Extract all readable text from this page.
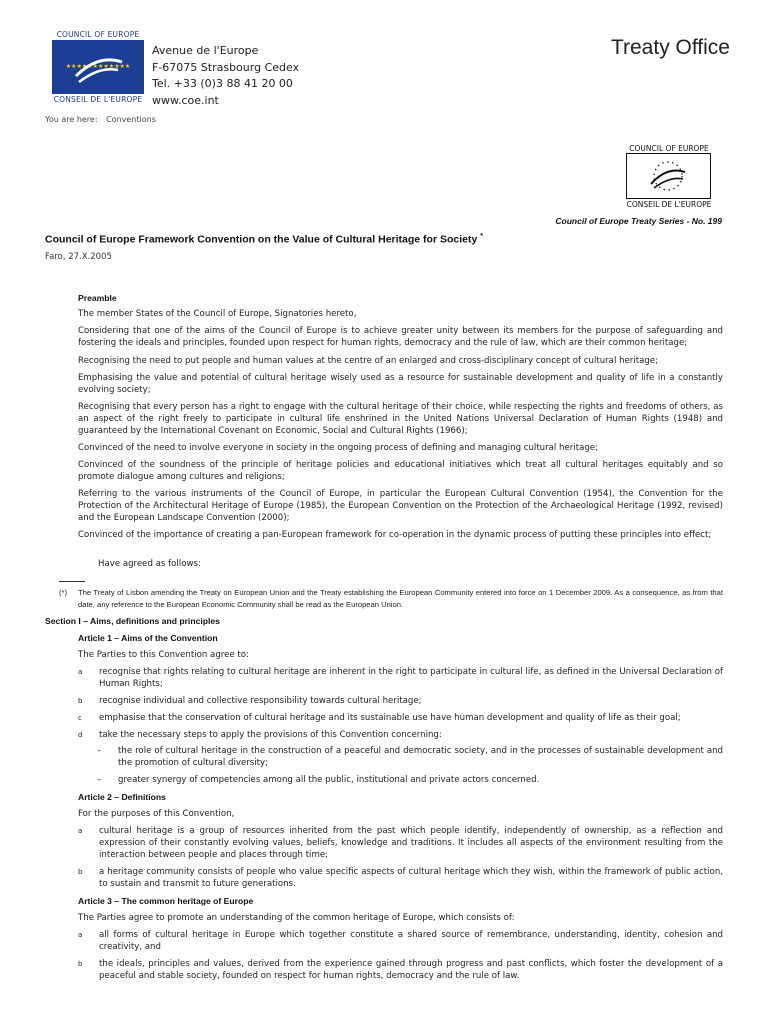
COUNCIL OF EUROPE
★★★★★★★★★★★★
CONSEIL DE L'EUROPE
Avenue de l'Europe
F-67075 Strasbourg Cedex
Tel. +33 (0)3 88 41 20 00
www.coe.int
Treaty Office
You are here: Conventions
COUNCIL OF EUROPE
CONSEIL DE L'EUROPE
Council of Europe Treaty Series - No. 199
Council of Europe Framework Convention on the Value of Cultural Heritage for Society *
Faro, 27.X.2005
Preamble
The member States of the Council of Europe, Signatories hereto,
Considering that one of the aims of the Council of Europe is to achieve greater unity between its members for the purpose of safeguarding and fostering the ideals and principles, founded upon respect for human rights, democracy and the rule of law, which are their common heritage;
Recognising the need to put people and human values at the centre of an enlarged and cross-disciplinary concept of cultural heritage;
Emphasising the value and potential of cultural heritage wisely used as a resource for sustainable development and quality of life in a constantly evolving society;
Recognising that every person has a right to engage with the cultural heritage of their choice, while respecting the rights and freedoms of others, as an aspect of the right freely to participate in cultural life enshrined in the United Nations Universal Declaration of Human Rights (1948) and guaranteed by the International Covenant on Economic, Social and Cultural Rights (1966);
Convinced of the need to involve everyone in society in the ongoing process of defining and managing cultural heritage;
Convinced of the soundness of the principle of heritage policies and educational initiatives which treat all cultural heritages equitably and so promote dialogue among cultures and religions;
Referring to the various instruments of the Council of Europe, in particular the European Cultural Convention (1954), the Convention for the Protection of the Architectural Heritage of Europe (1985), the European Convention on the Protection of the Archaeological Heritage (1992, revised) and the European Landscape Convention (2000);
Convinced of the importance of creating a pan-European framework for co-operation in the dynamic process of putting these principles into effect;
Have agreed as follows:
(*) The Treaty of Lisbon amending the Treaty on European Union and the Treaty establishing the European Community entered into force on 1 December 2009. As a consequence, as from that date, any reference to the European Economic Community shall be read as the European Union.
Section I – Aims, definitions and principles
Article 1 – Aims of the Convention
The Parties to this Convention agree to:
a recognise that rights relating to cultural heritage are inherent in the right to participate in cultural life, as defined in the Universal Declaration of Human Rights;
b recognise individual and collective responsibility towards cultural heritage;
c emphasise that the conservation of cultural heritage and its sustainable use have human development and quality of life as their goal;
d take the necessary steps to apply the provisions of this Convention concerning:
– the role of cultural heritage in the construction of a peaceful and democratic society, and in the processes of sustainable development and the promotion of cultural diversity;
– greater synergy of competencies among all the public, institutional and private actors concerned.
Article 2 – Definitions
For the purposes of this Convention,
a cultural heritage is a group of resources inherited from the past which people identify, independently of ownership, as a reflection and expression of their constantly evolving values, beliefs, knowledge and traditions. It includes all aspects of the environment resulting from the interaction between people and places through time;
b a heritage community consists of people who value specific aspects of cultural heritage which they wish, within the framework of public action, to sustain and transmit to future generations.
Article 3 – The common heritage of Europe
The Parties agree to promote an understanding of the common heritage of Europe, which consists of:
a all forms of cultural heritage in Europe which together constitute a shared source of remembrance, understanding, identity, cohesion and creativity, and
b the ideals, principles and values, derived from the experience gained through progress and past conflicts, which foster the development of a peaceful and stable society, founded on respect for human rights, democracy and the rule of law.
